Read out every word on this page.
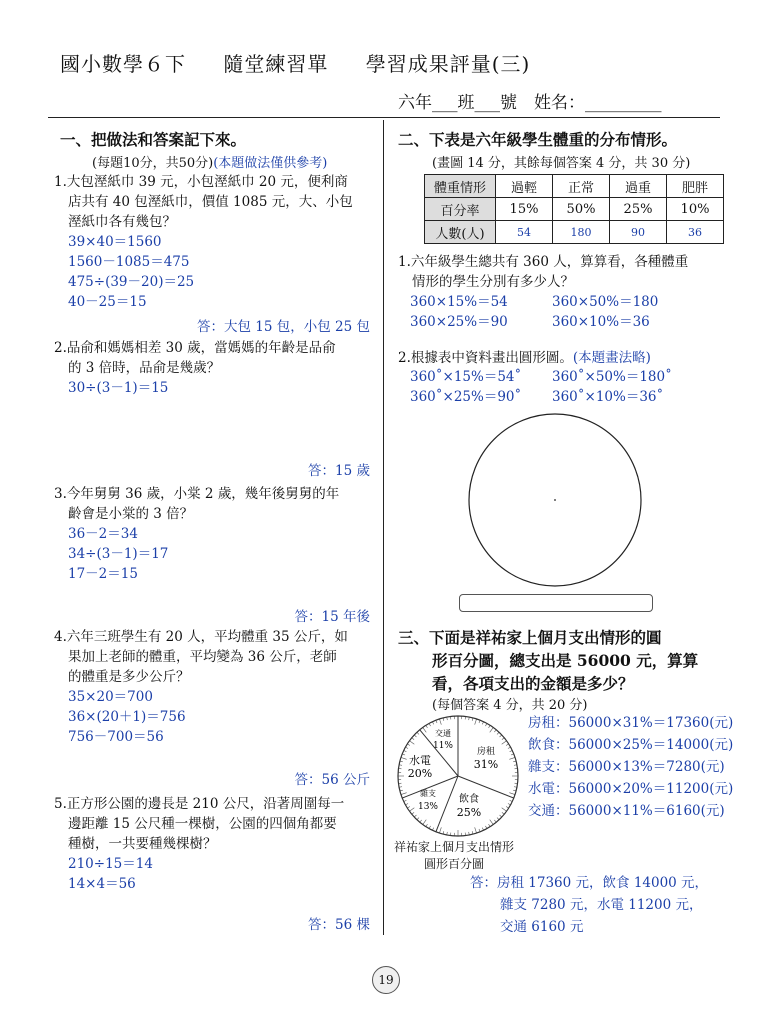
國小數學６下 隨堂練習單 學習成果評量(三)
六年___班___號　姓名：_________
一、把做法和答案記下來。
(每題10分，共50分)(本題做法僅供參考)

1.大包溼紙巾 39 元，小包溼紙巾 20 元，便利商

店共有 40 包溼紙巾，價值 1085 元，大、小包

溼紙巾各有幾包？

39×40＝1560

1560－1085＝475

475÷(39－20)＝25

40－25＝15

答：大包 15 包，小包 25 包

2.品俞和媽媽相差 30 歲，當媽媽的年齡是品俞

的 3 倍時，品俞是幾歲？

30÷(3－1)＝15

答：15 歲

3.今年舅舅 36 歲，小棠 2 歲，幾年後舅舅的年

齡會是小棠的 3 倍？

36－2＝34

34÷(3－1)＝17

17－2＝15

答：15 年後

4.六年三班學生有 20 人，平均體重 35 公斤，如

果加上老師的體重，平均變為 36 公斤，老師

的體重是多少公斤？

35×20＝700

36×(20＋1)＝756

756－700＝56

答：56 公斤

5.正方形公園的邊長是 210 公尺，沿著周圍每一

邊距離 15 公尺種一棵樹，公園的四個角都要

種樹，一共要種幾棵樹？

210÷15＝14

14×4＝56

答：56 棵
二、下表是六年級學生體重的分布情形。
(畫圖 14 分，其餘每個答案 4 分，共 30 分)
體重情形	過輕	正常	過重	肥胖
百分率	15%	50%	25%	10%
人數(人)	54	180	90	36

1.六年級學生總共有 360 人，算算看，各種體重

情形的學生分別有多少人？

360×15%＝54	360×50%＝180

360×25%＝90	360×10%＝36

2.根據表中資料畫出圓形圖。(本題畫法略)

360˚×15%＝54˚ 360˚×50%＝180˚

360˚×25%＝90˚ 360˚×10%＝36˚

三、下面是祥祐家上個月支出情形的圓
形百分圖，總支出是 56000 元，算算
看，各項支出的金額是多少？
(每個答案 4 分，共 20 分)
房租
31%
飲食
25%
雜支
13%
水電
20%
交通
11%
祥祐家上個月支出情形
圓形百分圖

房租：56000×31%＝17360(元)

飲食：56000×25%＝14000(元)

雜支：56000×13%＝7280(元)

水電：56000×20%＝11200(元)

交通：56000×11%＝6160(元)

答：房租 17360 元，飲食 14000 元，

雜支 7280 元，水電 11200 元，

交通 6160 元

19
